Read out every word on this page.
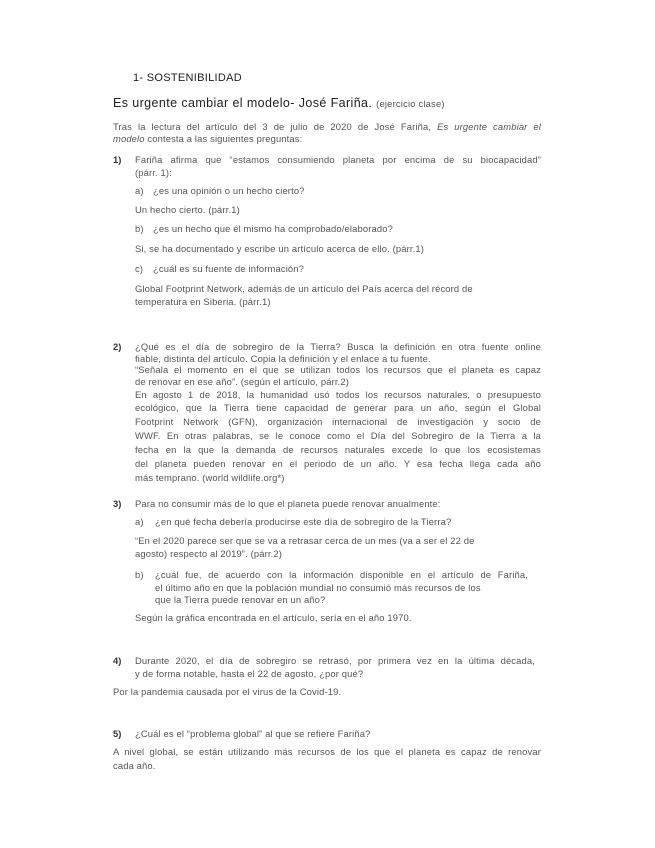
1- SOSTENIBILIDAD
Es urgente cambiar el modelo- José Fariña. (ejercicio clase)
Tras la lectura del artículo del 3 de julio de 2020 de José Fariña, Es urgente cambiar el
modelo contesta a las siguientes preguntas:
1) Fariña afirma que “estamos consumiendo planeta por encima de su biocapacidad”
(párr. 1):
a) ¿es una opinión o un hecho cierto?
Un hecho cierto. (párr.1)
b) ¿es un hecho que él mismo ha comprobado/elaborado?
Si, se ha documentado y escribe un artículo acerca de ello. (párr.1)
c) ¿cuál es su fuente de información?
Global Footprint Network, además de un artículo del País acerca del récord de
temperatura en Siberia. (párr.1)
2) ¿Qué es el día de sobregiro de la Tierra? Busca la definición en otra fuente online
fiable, distinta del artículo. Copia la definición y el enlace a tu fuente.
“Señala el momento en el que se utilizan todos los recursos que el planeta es capaz
de renovar en ese año”. (según el artículo, párr.2)
En agosto 1 de 2018, la humanidad usó todos los recursos naturales, o presupuesto
ecológico, que la Tierra tiene capacidad de generar para un año, según el Global
Footprint Network (GFN), organización internacional de investigación y socio de
WWF. En otras palabras, se le conoce como el Día del Sobregiro de la Tierra a la
fecha en la que la demanda de recursos naturales excede lo que los ecosistemas
del planeta pueden renovar en el periodo de un año. Y esa fecha llega cada año
más temprano. (world wildlife.org*)
3) Para no consumir más de lo que el planeta puede renovar anualmente:
a) ¿en qué fecha debería producirse este día de sobregiro de la Tierra?
“En el 2020 parece ser que se va a retrasar cerca de un mes (va a ser el 22 de
agosto) respecto al 2019”. (párr.2)
b) ¿cuál fue, de acuerdo con la información disponible en el artículo de Fariña,
el último año en que la población mundial no consumió más recursos de los
que la Tierra puede renovar en un año?
Según la gráfica encontrada en el artículo, sería en el año 1970.
4) Durante 2020, el día de sobregiro se retrasó, por primera vez en la última década,
y de forma notable, hasta el 22 de agosto, ¿por qué?
Por la pandemia causada por el virus de la Covid-19.
5) ¿Cuál es el “problema global” al que se refiere Fariña?
A nivel global, se están utilizando más recursos de los que el planeta es capaz de renovar
cada año.
